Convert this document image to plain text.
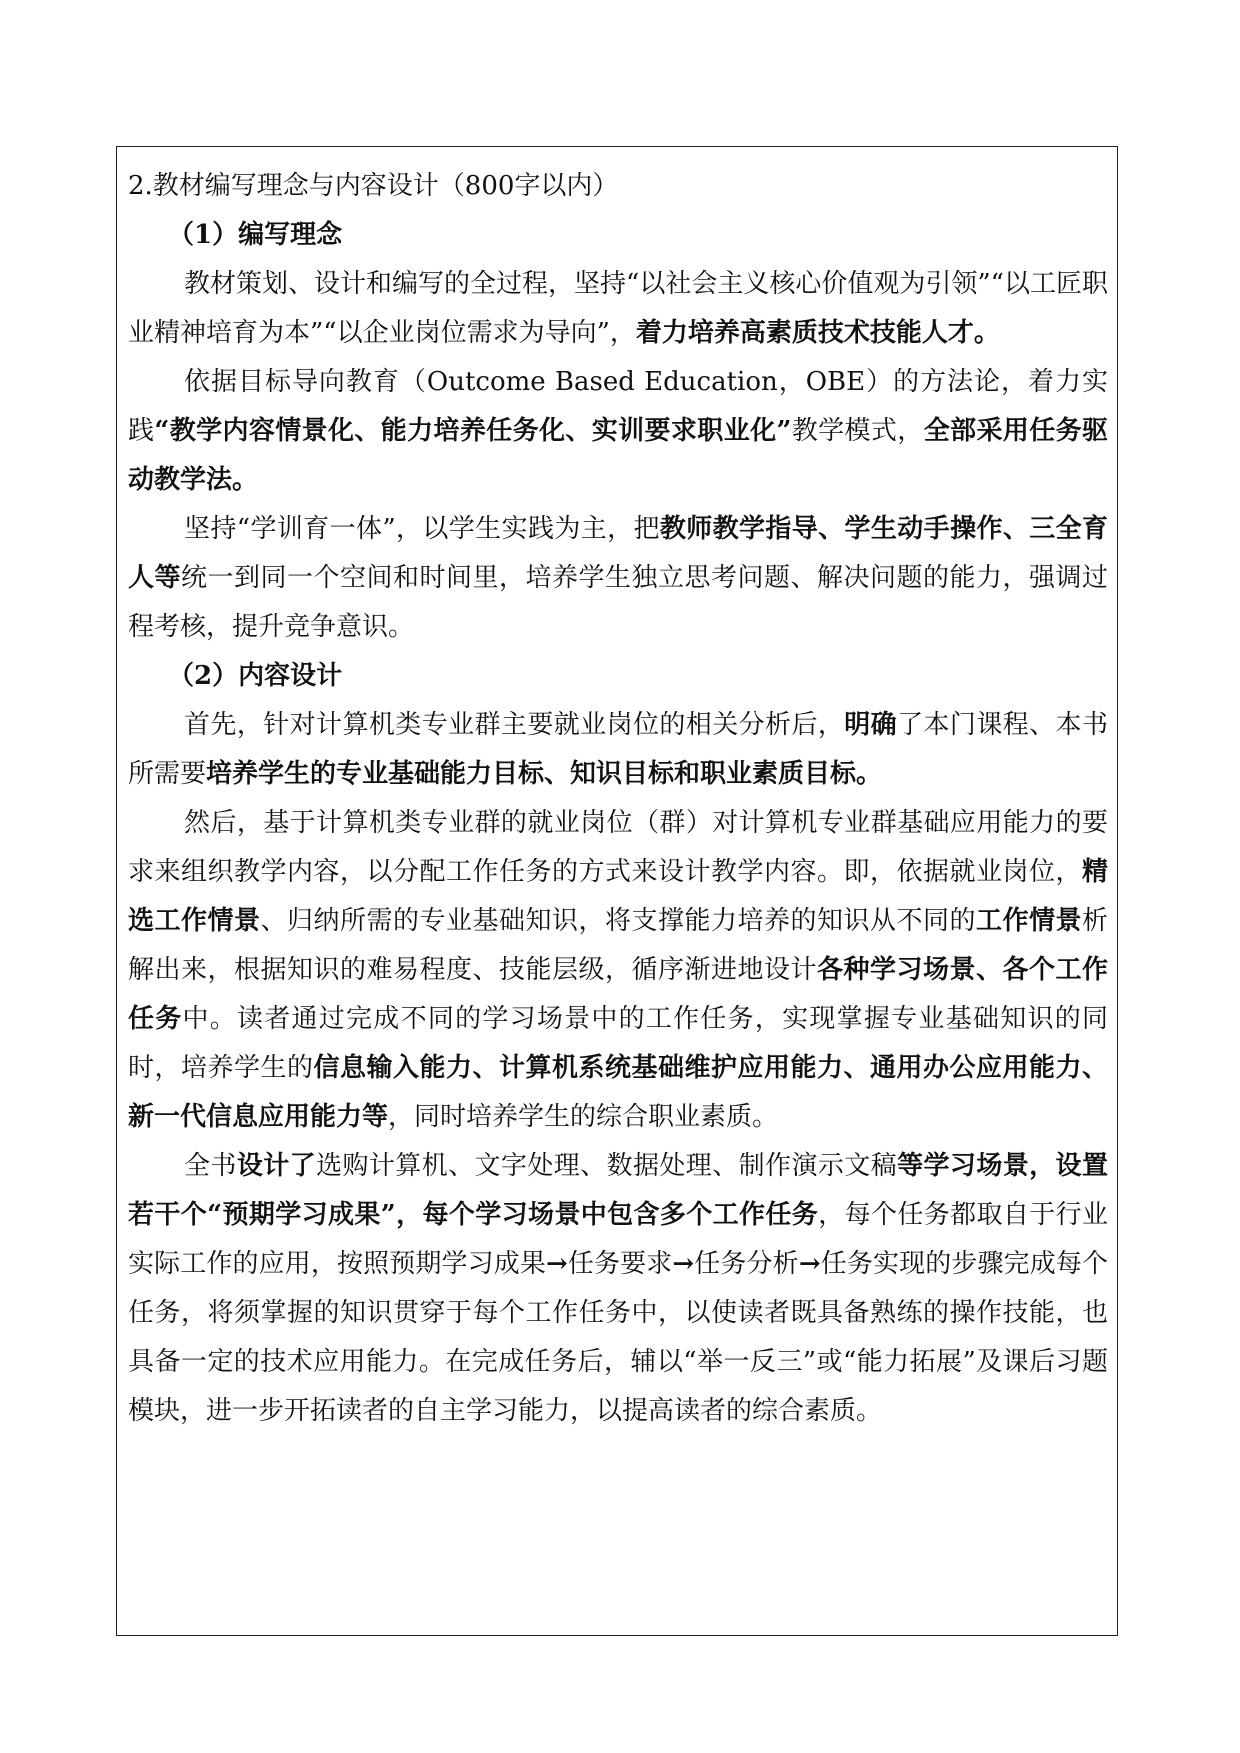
2.教材编写理念与内容设计（800字以内）

（1）编写理念

教材策划、设计和编写的全过程，坚持“以社会主义核心价值观为引领”“以工匠职业精神培育为本”“以企业岗位需求为导向”，着力培养高素质技术技能人才。

依据目标导向教育（Outcome Based Education，OBE）的方法论，着力实践“教学内容情景化、能力培养任务化、实训要求职业化”教学模式，全部采用任务驱动教学法。

坚持“学训育一体”，以学生实践为主，把教师教学指导、学生动手操作、三全育人等统一到同一个空间和时间里，培养学生独立思考问题、解决问题的能力，强调过程考核，提升竞争意识。

（2）内容设计

首先，针对计算机类专业群主要就业岗位的相关分析后，明确了本门课程、本书所需要培养学生的专业基础能力目标、知识目标和职业素质目标。

然后，基于计算机类专业群的就业岗位（群）对计算机专业群基础应用能力的要求来组织教学内容，以分配工作任务的方式来设计教学内容。即，依据就业岗位，精选工作情景、归纳所需的专业基础知识，将支撑能力培养的知识从不同的工作情景析解出来，根据知识的难易程度、技能层级，循序渐进地设计各种学习场景、各个工作任务中。读者通过完成不同的学习场景中的工作任务，实现掌握专业基础知识的同时，培养学生的信息输入能力、计算机系统基础维护应用能力、通用办公应用能力、新一代信息应用能力等，同时培养学生的综合职业素质。

全书设计了选购计算机、文字处理、数据处理、制作演示文稿等学习场景，设置若干个“预期学习成果”，每个学习场景中包含多个工作任务，每个任务都取自于行业实际工作的应用，按照预期学习成果→任务要求→任务分析→任务实现的步骤完成每个任务，将须掌握的知识贯穿于每个工作任务中，以使读者既具备熟练的操作技能，也具备一定的技术应用能力。在完成任务后，辅以“举一反三”或“能力拓展”及课后习题模块，进一步开拓读者的自主学习能力，以提高读者的综合素质。
